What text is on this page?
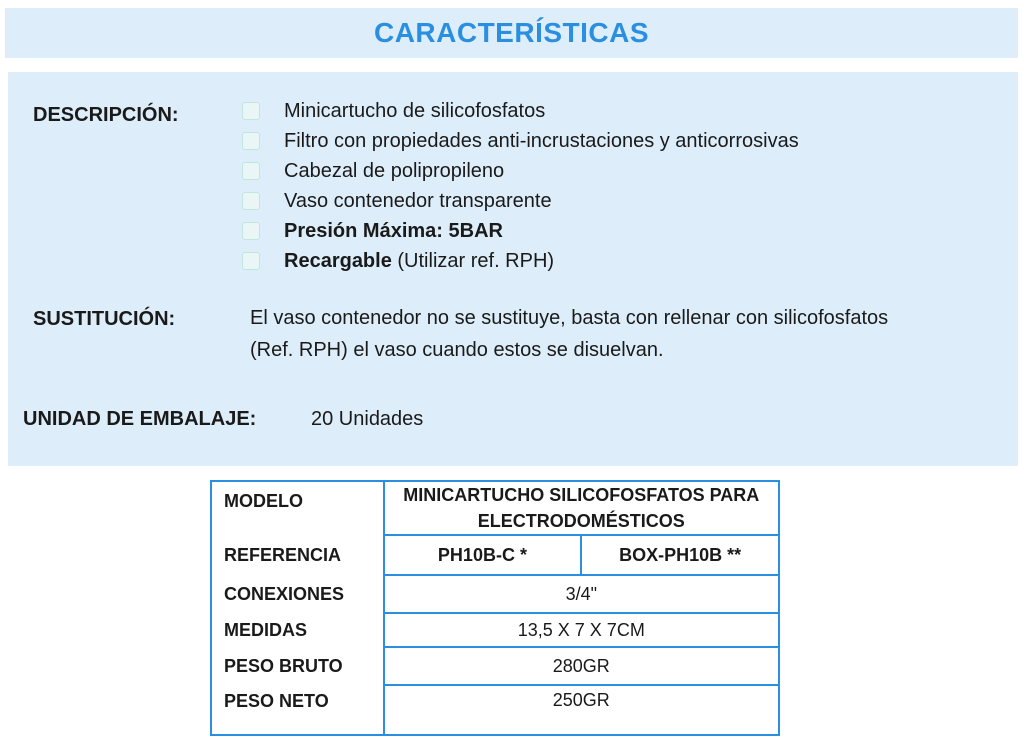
CARACTERÍSTICAS
DESCRIPCIÓN:	Minicartucho de silicofosfatos
Filtro con propiedades anti-incrustaciones y anticorrosivas
Cabezal de polipropileno
Vaso contenedor transparente
Presión Máxima: 5BAR
Recargable (Utilizar ref. RPH)
SUSTITUCIÓN:	El vaso contenedor no se sustituye, basta con rellenar con silicofosfatos
(Ref. RPH) el vaso cuando estos se disuelvan.
UNIDAD DE EMBALAJE:	20 Unidades
MODELO	MINICARTUCHO SILICOFOSFATOS PARA
ELECTRODOMÉSTICOS	

REFERENCIA	PH10B-C *	BOX-PH10B **
CONEXIONES	3/4"	
MEDIDAS	13,5 X 7 X 7CM	
PESO BRUTO	280GR	
PESO NETO	250GR	
